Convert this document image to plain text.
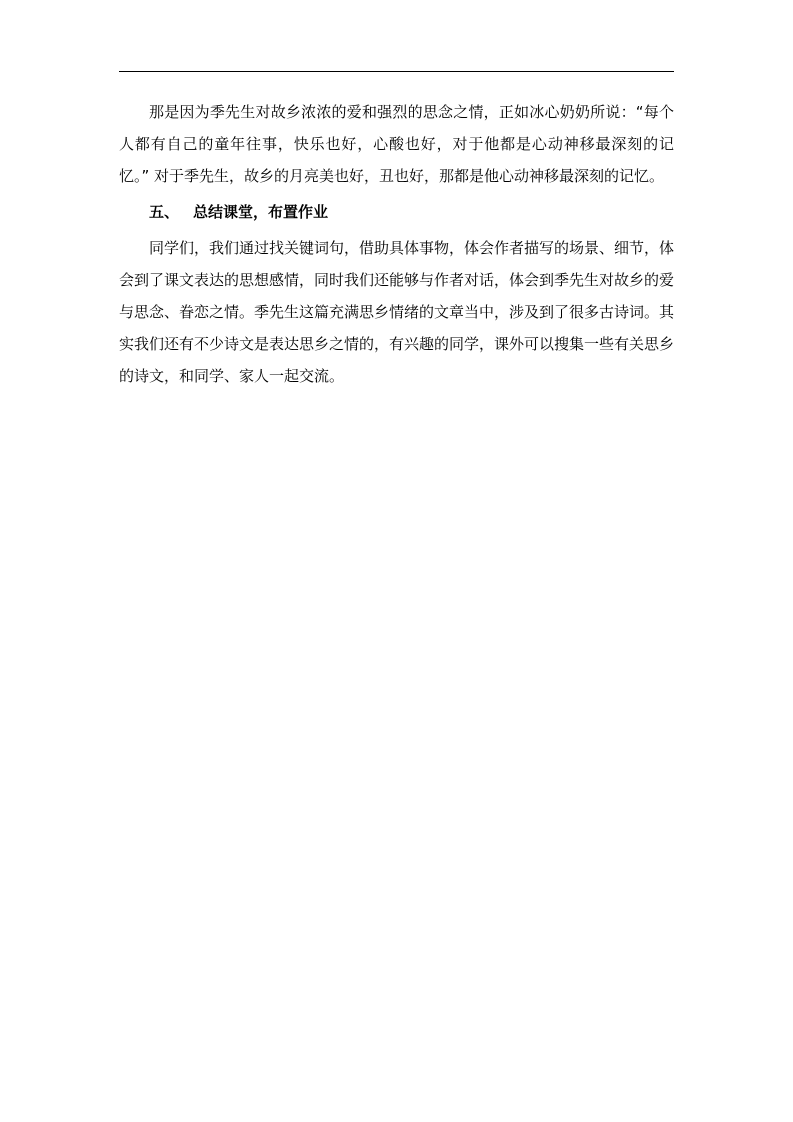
那是因为季先生对故乡浓浓的爱和强烈的思念之情，正如冰心奶奶所说：“每个人都有自己的童年往事，快乐也好，心酸也好，对于他都是心动神移最深刻的记忆。” 对于季先生，故乡的月亮美也好，丑也好，那都是他心动神移最深刻的记忆。

五、 总结课堂，布置作业

同学们，我们通过找关键词句，借助具体事物，体会作者描写的场景、细节，体会到了课文表达的思想感情，同时我们还能够与作者对话，体会到季先生对故乡的爱与思念、眷恋之情。季先生这篇充满思乡情绪的文章当中，涉及到了很多古诗词。其实我们还有不少诗文是表达思乡之情的，有兴趣的同学，课外可以搜集一些有关思乡的诗文，和同学、家人一起交流。
